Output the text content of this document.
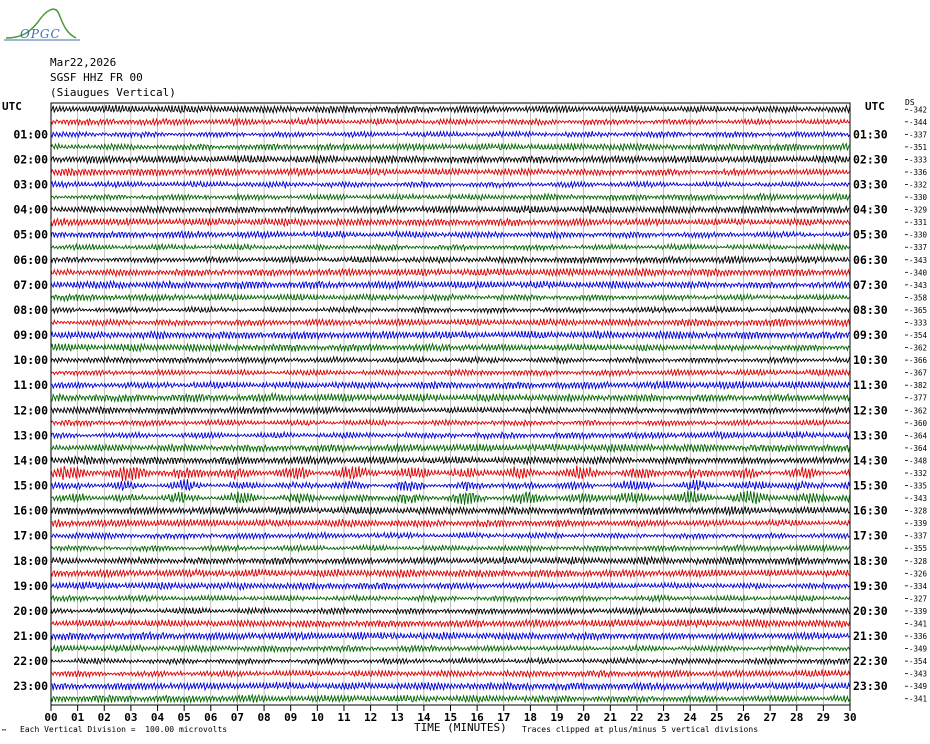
OPGC
Mar22,2026
SGSF HHZ FR 00
(Siaugues Vertical)
UTC	UTC	DS
00 01 02 03 04 05 06 07 08 09 10 11 12 13 14 15 16 17 18 19 20 21 22 23 24 25 26 27 28 29 30
-342
-344
-337
-351
-333
-336
-332
-330
-329
-331
-330
-337
-343
-340
-343
-358
-365
-333
-354
-362
-366
-367
-382
-377
-362
-360
-364
-364
-348
-332
-335
-343
-328
-339
-337
-355
-328
-326
-334
-327
-339
-341
-336
-349
-354
-343
-349
-341
01:00
02:00
03:00
04:00
05:00
06:00
07:00
08:00
09:00
10:00
11:00
12:00
13:00
14:00
15:00
16:00
17:00
18:00
19:00
20:00
21:00
22:00
23:00
01:30
02:30
03:30
04:30
05:30
06:30
07:30
08:30
09:30
10:30
11:30
12:30
13:30
14:30
15:30
16:30
17:30
18:30
19:30
20:30
21:30
22:30
23:30
TIME (MINUTES)
™ Each Vertical Division =  100.00 microvolts	Traces clipped at plus/minus 5 vertical divisions
